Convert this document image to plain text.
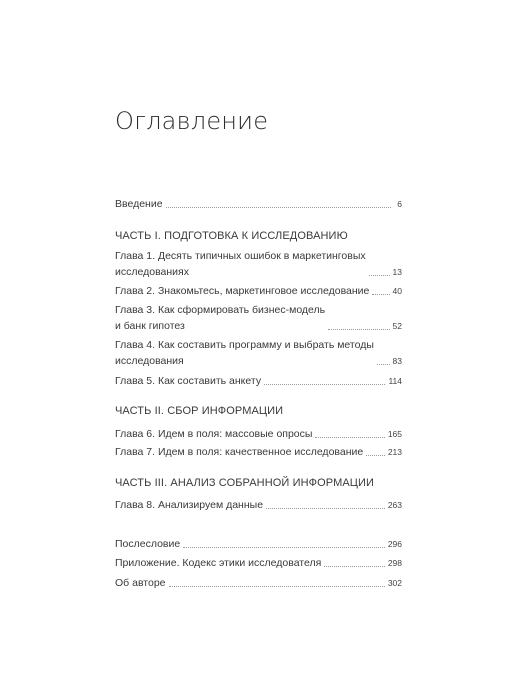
Оглавление
Введение	6
ЧАСТЬ I. ПОДГОТОВКА К ИССЛЕДОВАНИЮ
Глава 1. Десять типичных ошибок в маркетинговых
исследованиях	13
Глава 2. Знакомьтесь, маркетинговое исследование	40
Глава 3. Как сформировать бизнес-модель
и банк гипотез	52
Глава 4. Как составить программу и выбрать методы
исследования	83
Глава 5. Как составить анкету	114
ЧАСТЬ II. СБОР ИНФОРМАЦИИ
Глава 6. Идем в поля: массовые опросы	165
Глава 7. Идем в поля: качественное исследование	213
ЧАСТЬ III. АНАЛИЗ СОБРАННОЙ ИНФОРМАЦИИ
Глава 8. Анализируем данные	263
Послесловие	296
Приложение. Кодекс этики исследователя	298
Об авторе	302
